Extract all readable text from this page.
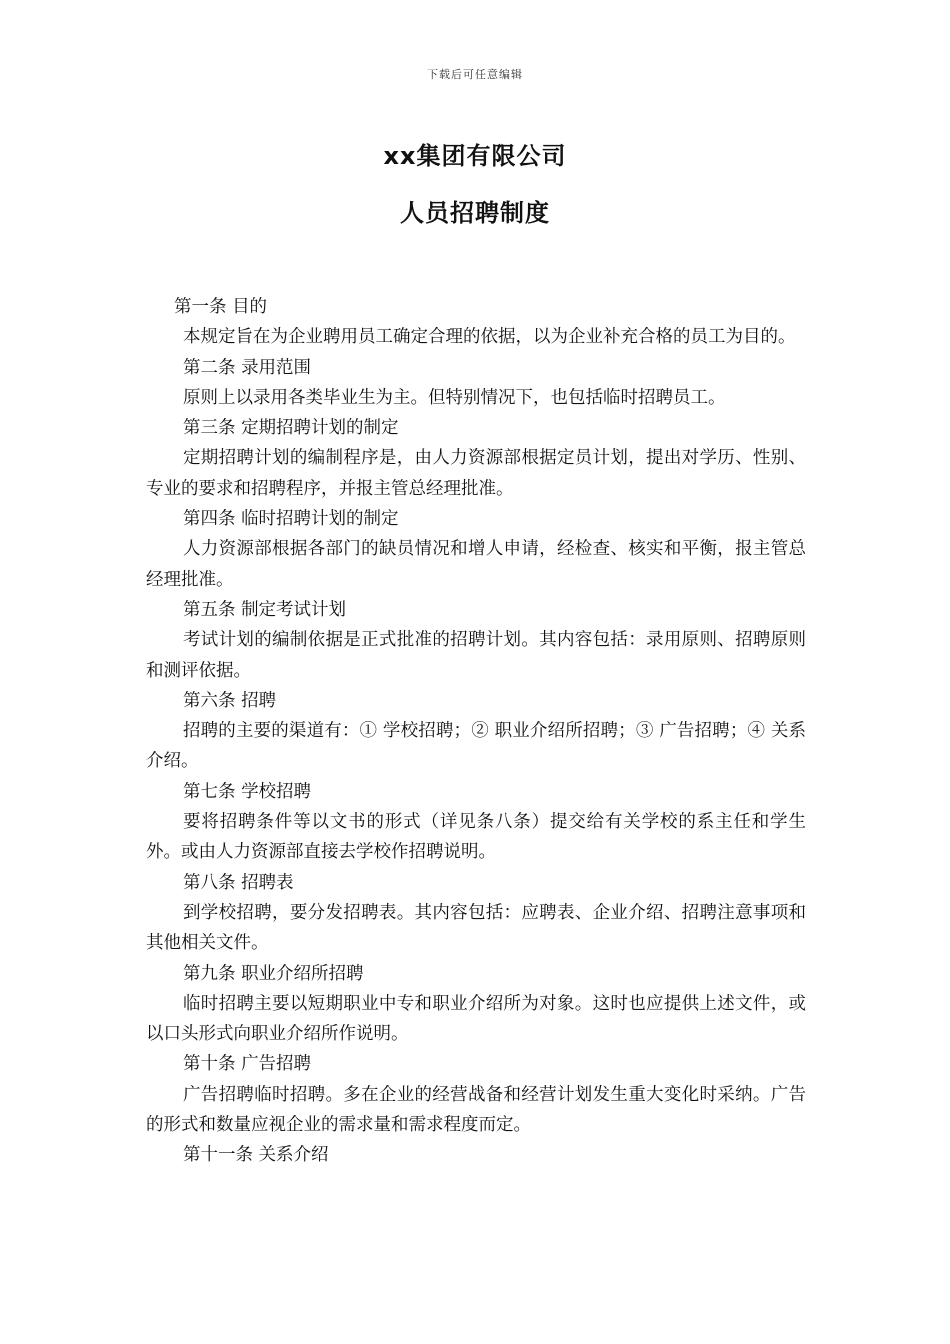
下载后可任意编辑
xx集团有限公司
人员招聘制度

第一条 目的

本规定旨在为企业聘用员工确定合理的依据，以为企业补充合格的员工为目的。

第二条 录用范围

原则上以录用各类毕业生为主。但特别情况下，也包括临时招聘员工。

第三条 定期招聘计划的制定

定期招聘计划的编制程序是，由人力资源部根据定员计划，提出对学历、性别、专业的要求和招聘程序，并报主管总经理批准。

第四条 临时招聘计划的制定

人力资源部根据各部门的缺员情况和增人申请，经检查、核实和平衡，报主管总经理批准。

第五条 制定考试计划

考试计划的编制依据是正式批准的招聘计划。其内容包括：录用原则、招聘原则和测评依据。

第六条 招聘

招聘的主要的渠道有：① 学校招聘；② 职业介绍所招聘；③ 广告招聘；④ 关系介绍。

第七条 学校招聘

要将招聘条件等以文书的形式（详见条八条）提交给有关学校的系主任和学生外。或由人力资源部直接去学校作招聘说明。

第八条 招聘表

到学校招聘，要分发招聘表。其内容包括：应聘表、企业介绍、招聘注意事项和其他相关文件。

第九条 职业介绍所招聘

临时招聘主要以短期职业中专和职业介绍所为对象。这时也应提供上述文件，或以口头形式向职业介绍所作说明。

第十条 广告招聘

广告招聘临时招聘。多在企业的经营战备和经营计划发生重大变化时采纳。广告的形式和数量应视企业的需求量和需求程度而定。

第十一条 关系介绍
